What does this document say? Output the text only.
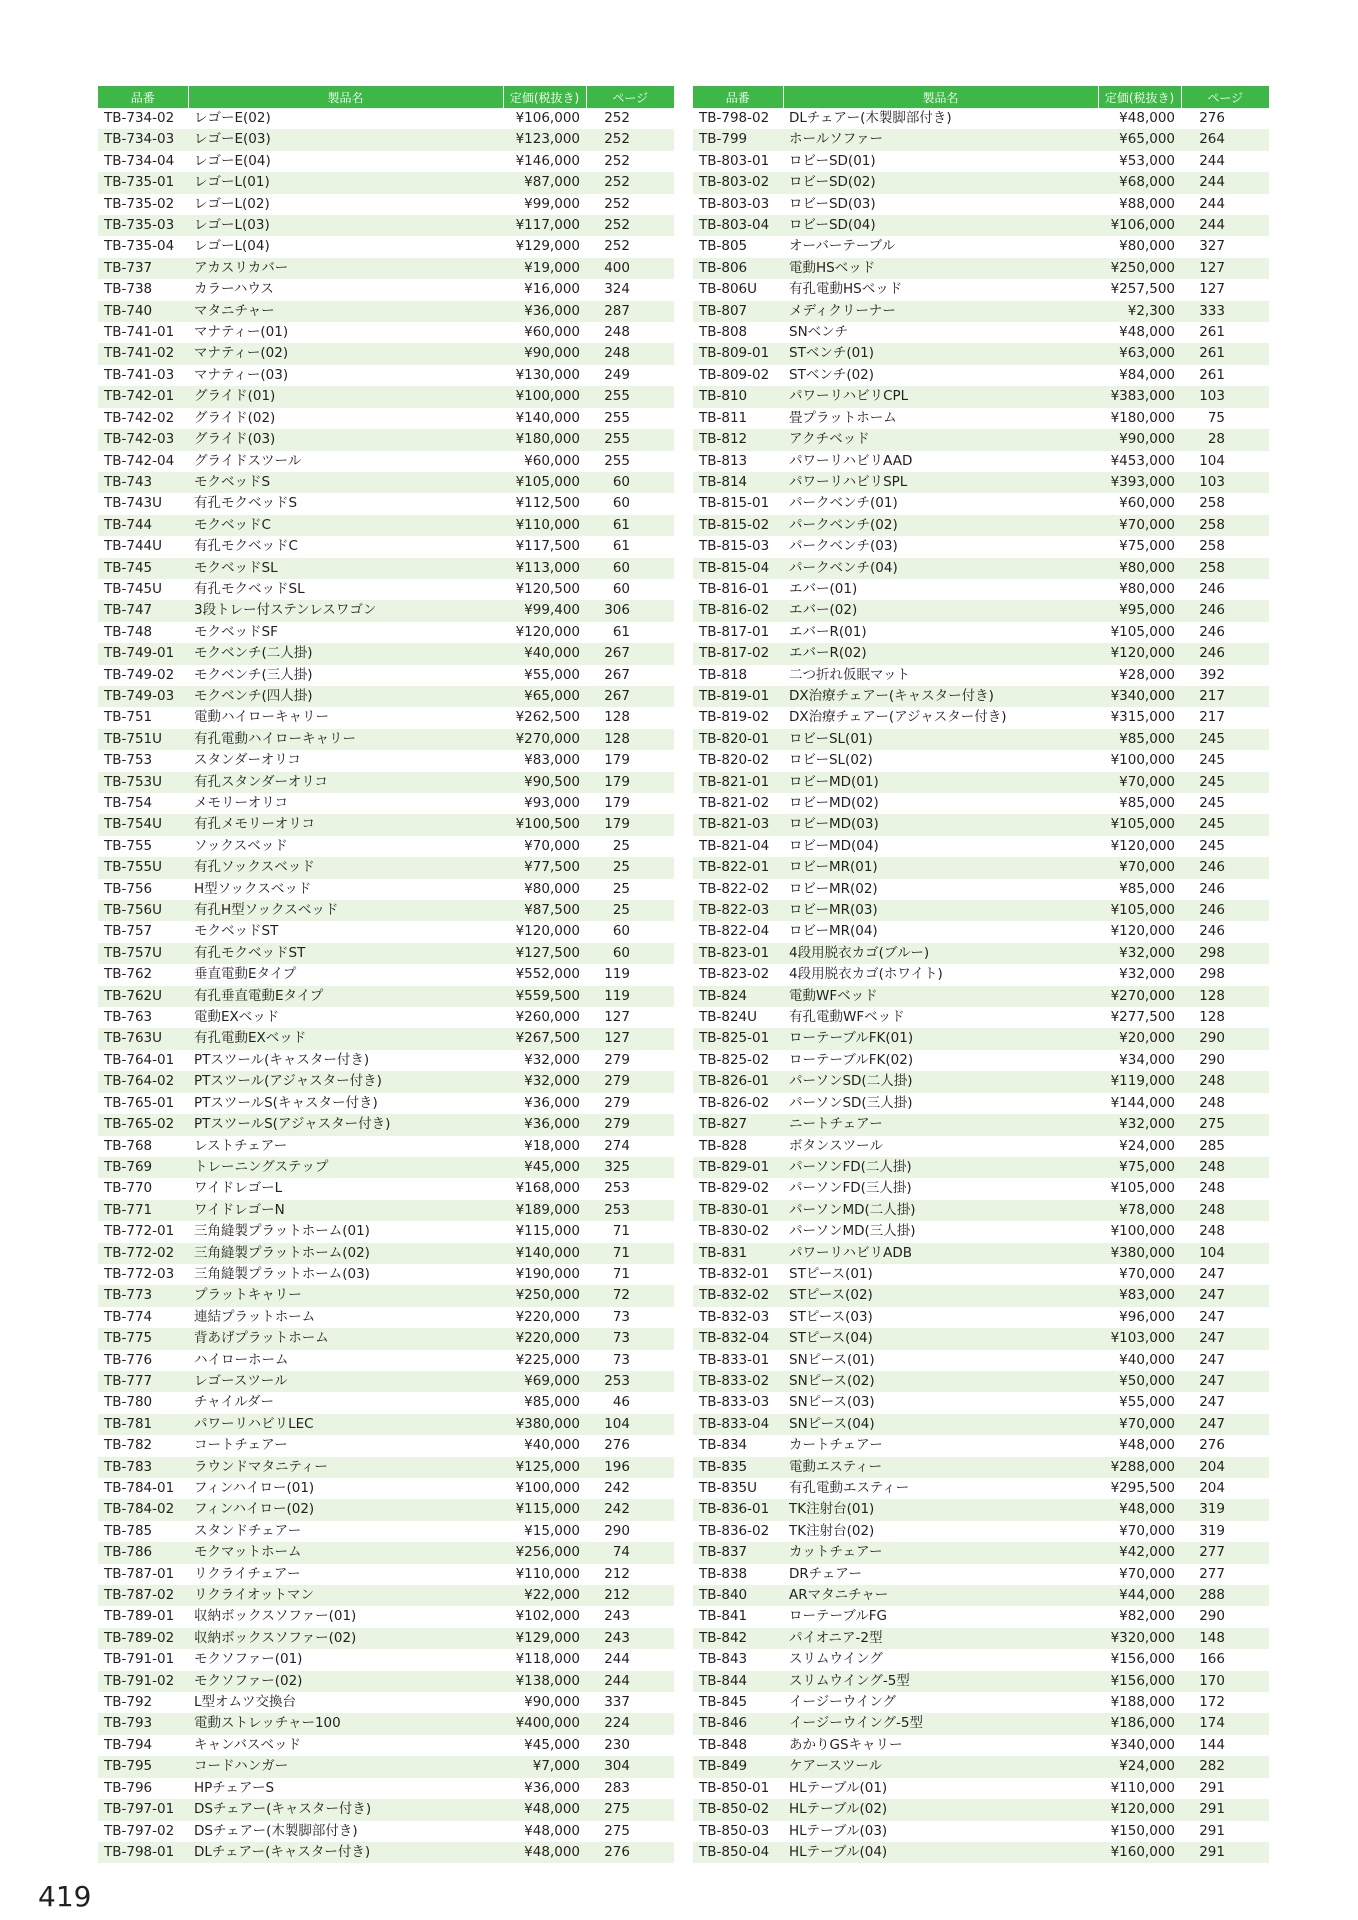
品番	製品名	定価(税抜き)	ページ
TB-734-02	レゴーE(02)	¥106,000	252
TB-734-03	レゴーE(03)	¥123,000	252
TB-734-04	レゴーE(04)	¥146,000	252
TB-735-01	レゴーL(01)	¥87,000	252
TB-735-02	レゴーL(02)	¥99,000	252
TB-735-03	レゴーL(03)	¥117,000	252
TB-735-04	レゴーL(04)	¥129,000	252
TB-737	アカスリカバー	¥19,000	400
TB-738	カラーハウス	¥16,000	324
TB-740	マタニチャー	¥36,000	287
TB-741-01	マナティー(01)	¥60,000	248
TB-741-02	マナティー(02)	¥90,000	248
TB-741-03	マナティー(03)	¥130,000	249
TB-742-01	グライド(01)	¥100,000	255
TB-742-02	グライド(02)	¥140,000	255
TB-742-03	グライド(03)	¥180,000	255
TB-742-04	グライドスツール	¥60,000	255
TB-743	モクベッドS	¥105,000	60
TB-743U	有孔モクベッドS	¥112,500	60
TB-744	モクベッドC	¥110,000	61
TB-744U	有孔モクベッドC	¥117,500	61
TB-745	モクベッドSL	¥113,000	60
TB-745U	有孔モクベッドSL	¥120,500	60
TB-747	3段トレー付ステンレスワゴン	¥99,400	306
TB-748	モクベッドSF	¥120,000	61
TB-749-01	モクベンチ(二人掛)	¥40,000	267
TB-749-02	モクベンチ(三人掛)	¥55,000	267
TB-749-03	モクベンチ(四人掛)	¥65,000	267
TB-751	電動ハイローキャリー	¥262,500	128
TB-751U	有孔電動ハイローキャリー	¥270,000	128
TB-753	スタンダーオリコ	¥83,000	179
TB-753U	有孔スタンダーオリコ	¥90,500	179
TB-754	メモリーオリコ	¥93,000	179
TB-754U	有孔メモリーオリコ	¥100,500	179
TB-755	ソックスベッド	¥70,000	25
TB-755U	有孔ソックスベッド	¥77,500	25
TB-756	H型ソックスベッド	¥80,000	25
TB-756U	有孔H型ソックスベッド	¥87,500	25
TB-757	モクベッドST	¥120,000	60
TB-757U	有孔モクベッドST	¥127,500	60
TB-762	垂直電動Eタイプ	¥552,000	119
TB-762U	有孔垂直電動Eタイプ	¥559,500	119
TB-763	電動EXベッド	¥260,000	127
TB-763U	有孔電動EXベッド	¥267,500	127
TB-764-01	PTスツール(キャスター付き)	¥32,000	279
TB-764-02	PTスツール(アジャスター付き)	¥32,000	279
TB-765-01	PTスツールS(キャスター付き)	¥36,000	279
TB-765-02	PTスツールS(アジャスター付き)	¥36,000	279
TB-768	レストチェアー	¥18,000	274
TB-769	トレーニングステップ	¥45,000	325
TB-770	ワイドレゴーL	¥168,000	253
TB-771	ワイドレゴーN	¥189,000	253
TB-772-01	三角縫製プラットホーム(01)	¥115,000	71
TB-772-02	三角縫製プラットホーム(02)	¥140,000	71
TB-772-03	三角縫製プラットホーム(03)	¥190,000	71
TB-773	プラットキャリー	¥250,000	72
TB-774	連結プラットホーム	¥220,000	73
TB-775	背あげプラットホーム	¥220,000	73
TB-776	ハイローホーム	¥225,000	73
TB-777	レゴースツール	¥69,000	253
TB-780	チャイルダー	¥85,000	46
TB-781	パワーリハビリLEC	¥380,000	104
TB-782	コートチェアー	¥40,000	276
TB-783	ラウンドマタニティー	¥125,000	196
TB-784-01	フィンハイロー(01)	¥100,000	242
TB-784-02	フィンハイロー(02)	¥115,000	242
TB-785	スタンドチェアー	¥15,000	290
TB-786	モクマットホーム	¥256,000	74
TB-787-01	リクライチェアー	¥110,000	212
TB-787-02	リクライオットマン	¥22,000	212
TB-789-01	収納ボックスソファー(01)	¥102,000	243
TB-789-02	収納ボックスソファー(02)	¥129,000	243
TB-791-01	モクソファー(01)	¥118,000	244
TB-791-02	モクソファー(02)	¥138,000	244
TB-792	L型オムツ交換台	¥90,000	337
TB-793	電動ストレッチャー100	¥400,000	224
TB-794	キャンバスベッド	¥45,000	230
TB-795	コードハンガー	¥7,000	304
TB-796	HPチェアーS	¥36,000	283
TB-797-01	DSチェアー(キャスター付き)	¥48,000	275
TB-797-02	DSチェアー(木製脚部付き)	¥48,000	275
TB-798-01	DLチェアー(キャスター付き)	¥48,000	276
品番	製品名	定価(税抜き)	ページ
TB-798-02	DLチェアー(木製脚部付き)	¥48,000	276
TB-799	ホールソファー	¥65,000	264
TB-803-01	ロビーSD(01)	¥53,000	244
TB-803-02	ロビーSD(02)	¥68,000	244
TB-803-03	ロビーSD(03)	¥88,000	244
TB-803-04	ロビーSD(04)	¥106,000	244
TB-805	オーバーテーブル	¥80,000	327
TB-806	電動HSベッド	¥250,000	127
TB-806U	有孔電動HSベッド	¥257,500	127
TB-807	メディクリーナー	¥2,300	333
TB-808	SNベンチ	¥48,000	261
TB-809-01	STベンチ(01)	¥63,000	261
TB-809-02	STベンチ(02)	¥84,000	261
TB-810	パワーリハビリCPL	¥383,000	103
TB-811	畳プラットホーム	¥180,000	75
TB-812	アクチベッド	¥90,000	28
TB-813	パワーリハビリAAD	¥453,000	104
TB-814	パワーリハビリSPL	¥393,000	103
TB-815-01	パークベンチ(01)	¥60,000	258
TB-815-02	パークベンチ(02)	¥70,000	258
TB-815-03	パークベンチ(03)	¥75,000	258
TB-815-04	パークベンチ(04)	¥80,000	258
TB-816-01	エバー(01)	¥80,000	246
TB-816-02	エバー(02)	¥95,000	246
TB-817-01	エバーR(01)	¥105,000	246
TB-817-02	エバーR(02)	¥120,000	246
TB-818	二つ折れ仮眠マット	¥28,000	392
TB-819-01	DX治療チェアー(キャスター付き)	¥340,000	217
TB-819-02	DX治療チェアー(アジャスター付き)	¥315,000	217
TB-820-01	ロビーSL(01)	¥85,000	245
TB-820-02	ロビーSL(02)	¥100,000	245
TB-821-01	ロビーMD(01)	¥70,000	245
TB-821-02	ロビーMD(02)	¥85,000	245
TB-821-03	ロビーMD(03)	¥105,000	245
TB-821-04	ロビーMD(04)	¥120,000	245
TB-822-01	ロビーMR(01)	¥70,000	246
TB-822-02	ロビーMR(02)	¥85,000	246
TB-822-03	ロビーMR(03)	¥105,000	246
TB-822-04	ロビーMR(04)	¥120,000	246
TB-823-01	4段用脱衣カゴ(ブルー)	¥32,000	298
TB-823-02	4段用脱衣カゴ(ホワイト)	¥32,000	298
TB-824	電動WFベッド	¥270,000	128
TB-824U	有孔電動WFベッド	¥277,500	128
TB-825-01	ローテーブルFK(01)	¥20,000	290
TB-825-02	ローテーブルFK(02)	¥34,000	290
TB-826-01	パーソンSD(二人掛)	¥119,000	248
TB-826-02	パーソンSD(三人掛)	¥144,000	248
TB-827	ニートチェアー	¥32,000	275
TB-828	ボタンスツール	¥24,000	285
TB-829-01	パーソンFD(二人掛)	¥75,000	248
TB-829-02	パーソンFD(三人掛)	¥105,000	248
TB-830-01	パーソンMD(二人掛)	¥78,000	248
TB-830-02	パーソンMD(三人掛)	¥100,000	248
TB-831	パワーリハビリADB	¥380,000	104
TB-832-01	STピース(01)	¥70,000	247
TB-832-02	STピース(02)	¥83,000	247
TB-832-03	STピース(03)	¥96,000	247
TB-832-04	STピース(04)	¥103,000	247
TB-833-01	SNピース(01)	¥40,000	247
TB-833-02	SNピース(02)	¥50,000	247
TB-833-03	SNピース(03)	¥55,000	247
TB-833-04	SNピース(04)	¥70,000	247
TB-834	カートチェアー	¥48,000	276
TB-835	電動エスティー	¥288,000	204
TB-835U	有孔電動エスティー	¥295,500	204
TB-836-01	TK注射台(01)	¥48,000	319
TB-836-02	TK注射台(02)	¥70,000	319
TB-837	カットチェアー	¥42,000	277
TB-838	DRチェアー	¥70,000	277
TB-840	ARマタニチャー	¥44,000	288
TB-841	ローテーブルFG	¥82,000	290
TB-842	パイオニア-2型	¥320,000	148
TB-843	スリムウイング	¥156,000	166
TB-844	スリムウイング-5型	¥156,000	170
TB-845	イージーウイング	¥188,000	172
TB-846	イージーウイング-5型	¥186,000	174
TB-848	あかりGSキャリー	¥340,000	144
TB-849	ケアースツール	¥24,000	282
TB-850-01	HLテーブル(01)	¥110,000	291
TB-850-02	HLテーブル(02)	¥120,000	291
TB-850-03	HLテーブル(03)	¥150,000	291
TB-850-04	HLテーブル(04)	¥160,000	291
419
